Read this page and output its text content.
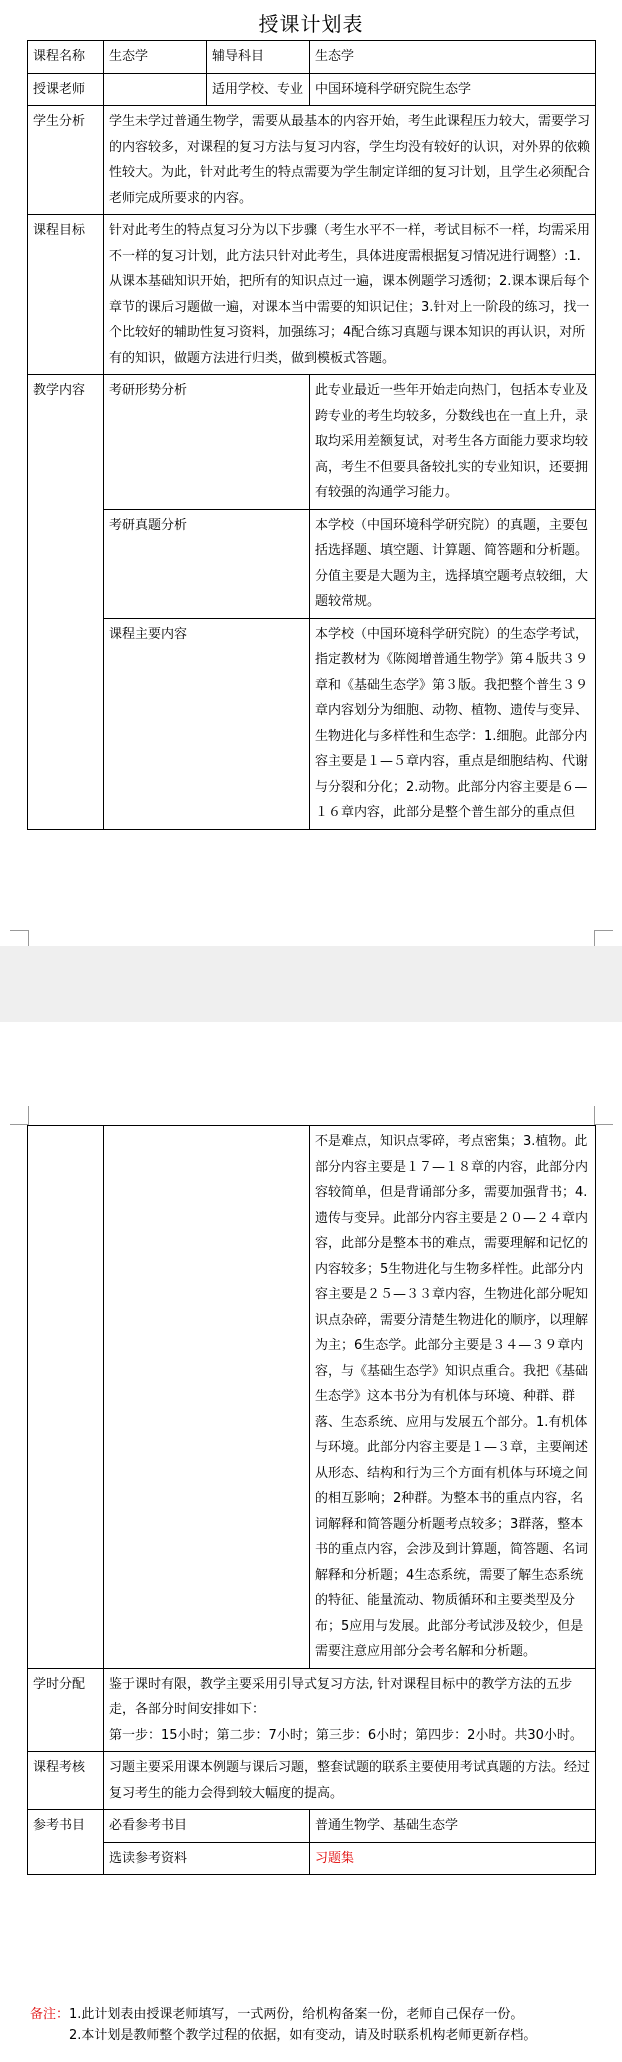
授课计划表
课程名称	生态学	辅导科目	生态学
授课老师		适用学校、专业	中国环境科学研究院生态学
学生分析	学生未学过普通生物学，需要从最基本的内容开始，考生此课程压力较大，需要学习的内容较多，对课程的复习方法与复习内容，学生均没有较好的认识，对外界的依赖性较大。为此，针对此考生的特点需要为学生制定详细的复习计划，且学生必须配合老师完成所要求的内容。		
课程目标	针对此考生的特点复习分为以下步骤（考生水平不一样，考试目标不一样，均需采用不一样的复习计划，此方法只针对此考生，具体进度需根据复习情况进行调整）:1.从课本基础知识开始，把所有的知识点过一遍，课本例题学习透彻；2.课本课后每个章节的课后习题做一遍，对课本当中需要的知识记住；3.针对上一阶段的练习，找一个比较好的辅助性复习资料，加强练习；4配合练习真题与课本知识的再认识，对所有的知识，做题方法进行归类，做到模板式答题。		
教学内容	考研形势分析		此专业最近一些年开始走向热门，包括本专业及跨专业的考生均较多，分数线也在一直上升，录取均采用差额复试，对考生各方面能力要求均较高，考生不但要具备较扎实的专业知识，还要拥有较强的沟通学习能力。
	考研真题分析		本学校（中国环境科学研究院）的真题，主要包括选择题、填空题、计算题、简答题和分析题。分值主要是大题为主，选择填空题考点较细，大题较常规。
	课程主要内容		本学校（中国环境科学研究院）的生态学考试，指定教材为《陈阅增普通生物学》第４版共３９章和《基础生态学》第３版。我把整个普生３９章内容划分为细胞、动物、植物、遗传与变异、生物进化与多样性和生态学：1.细胞。此部分内容主要是１—５章内容，重点是细胞结构、代谢与分裂和分化；2.动物。此部分内容主要是６—１６章内容，此部分是整个普生部分的重点但
		不是难点，知识点零碎，考点密集；3.植物。此部分内容主要是１７—１８章的内容，此部分内容较简单，但是背诵部分多，需要加强背书；4.遗传与变异。此部分内容主要是２０—２４章内容，此部分是整本书的难点，需要理解和记忆的内容较多；5生物进化与生物多样性。此部分内容主要是２５—３３章内容，生物进化部分呢知识点杂碎，需要分清楚生物进化的顺序，以理解为主；6生态学。此部分主要是３４—３９章内容，与《基础生态学》知识点重合。我把《基础生态学》这本书分为有机体与环境、种群、群落、生态系统、应用与发展五个部分。1.有机体与环境。此部分内容主要是１—３章，主要阐述从形态、结构和行为三个方面有机体与环境之间的相互影响；2种群。为整本书的重点内容，名词解释和简答题分析题考点较多；3群落，整本书的重点内容，会涉及到计算题，简答题、名词解释和分析题；4生态系统，需要了解生态系统的特征、能量流动、物质循环和主要类型及分布；5应用与发展。此部分考试涉及较少，但是需要注意应用部分会考名解和分析题。
学时分配	鉴于课时有限，教学主要采用引导式复习方法, 针对课程目标中的教学方法的五步走，各部分时间安排如下：
第一步：15小时；第二步：7小时；第三步：6小时；第四步：2小时。共30小时。	

课程考核	习题主要采用课本例题与课后习题，整套试题的联系主要使用考试真题的方法。经过复习考生的能力会得到较大幅度的提高。	
参考书目	必看参考书目	普通生物学、基础生态学
	选读参考资料	习题集
备注：1.此计划表由授课老师填写，一式两份，给机构备案一份，老师自己保存一份。
2.本计划是教师整个教学过程的依据，如有变动，请及时联系机构老师更新存档。
